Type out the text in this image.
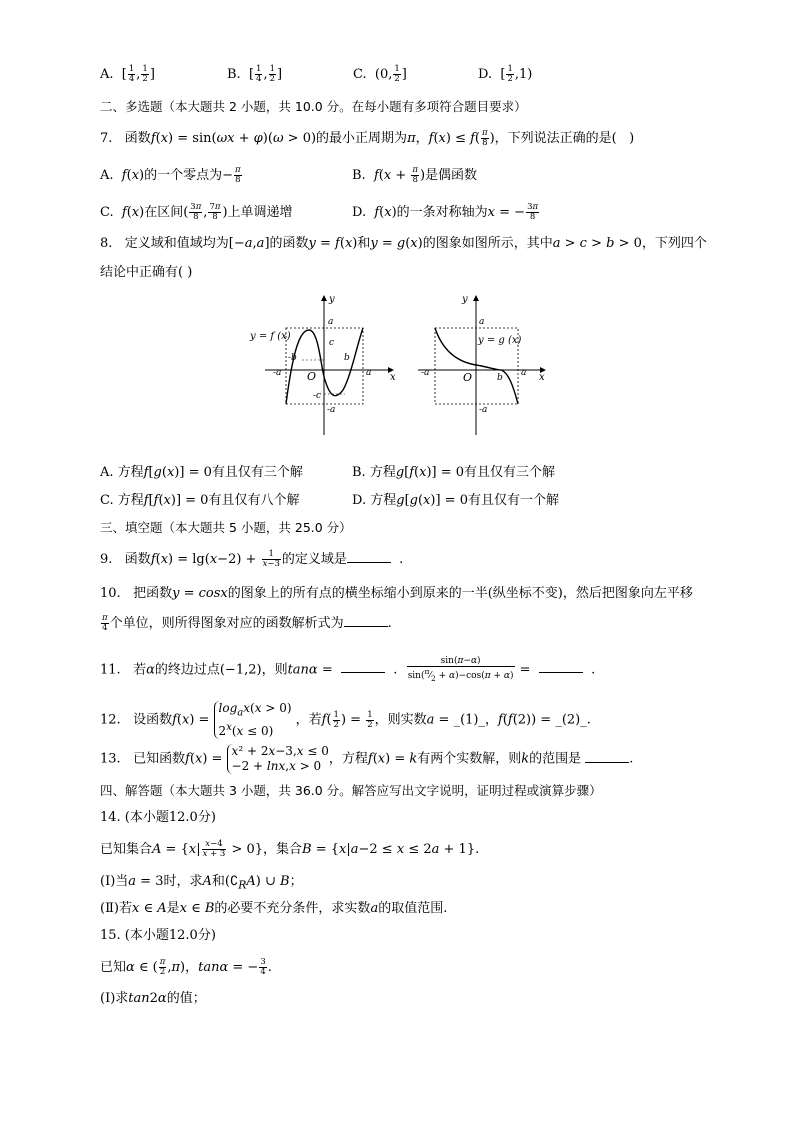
A.  [ $\frac{1}{4}$ , $\frac{1}{2}$ ]	B.  [ $\frac{1}{4}$ , $\frac{1}{2}$ ]	C.  (0, $\frac{1}{2}$ ]	D.  [ $\frac{1}{2} ,1$)
二、多选题（本大题共 2 小题，共 10.0 分。在每小题有多项符合题目要求）
7.   函数f(x) = sin(ωx + φ)(ω > 0)的最小正周期为π，$f(x) \le f( \frac{\pi}{8}$ )，下列说法正确的是(   )
A.  f(x)的一个零点为− $\frac{\pi}{8}$	B.  $f(x + \frac{\pi}{8}$ )是偶函数
C.  f(x)在区间( $\frac{3\pi}{8}$ , $\frac{7\pi}{8}$ )上单调递增	D.  f(x)的一条对称轴为x = − $\frac{3\pi}{8}$
8.   定义域和值域均为[−a,a]的函数y = f(x)和y = g(x)的图象如图所示，其中a > c > b > 0，下列四个
结论中正确有( )
y
x
O
a
c
-b	b
-a	a
-c
-a
y = f (x)
y
x
O
a
-a	b a
-a
y = g (x)
A. 方程f[g(x)] = 0有且仅有三个解	B. 方程g[f(x)] = 0有且仅有三个解
C. 方程f[f(x)] = 0有且仅有八个解	D. 方程g[g(x)] = 0有且仅有一个解
三、填空题（本大题共 5 小题，共 25.0 分）
9.   函数$f(x) = \lg(x-2) + \frac{1}{x-3}$ 的定义域是	.
10.   把函数y = cosx的图象上的所有点的横坐标缩小到原来的一半(纵坐标不变)，然后把图象向左平移
$\frac{\pi}{4}$ 个单位，则所得图象对应的函数解析式为	.
11.   若α的终边过点(−1,2)，则tanα =	. $\frac{\sin(\pi-\alpha)}{\sin(^\pi⁄_2 + \alpha)-\cos(\pi + \alpha)}$ =	.
12.   设函数$f(x) = \log_ax(x > 0)$
$2^x(x \le 0)$ ，若$f( \frac{1}{2}$ ) = $\frac{1}{2}$ ，则实数a = _(1)_，f(f(2)) = _(2)_.
13.   已知函数f(x) = x² + 2x−3,x ≤ 0
−2 + lnx,x > 0 ，方程f(x) = k有两个实数解，则k的范围是	.
四、解答题（本大题共 3 小题，共 36.0 分。解答应写出文字说明，证明过程或演算步骤）
14. (本小题12.0分)
已知集合$A = \{x| \frac{x-4}{x + 3} > 0\}$，集合B = {x|a−2 ≤ x ≤ 2a + 1}.
(Ⅰ)当a = 3时，求A和$(∁_RA)$ ∪ B；
(Ⅱ)若x ∈ A是x ∈ B的必要不充分条件，求实数a的取值范围.
15. (本小题12.0分)
已知α ∈ ( $\frac{\pi}{2} ,\pi$)，tanα = − $\frac{3}{4}$ .
(Ⅰ)求tan2α的值；
